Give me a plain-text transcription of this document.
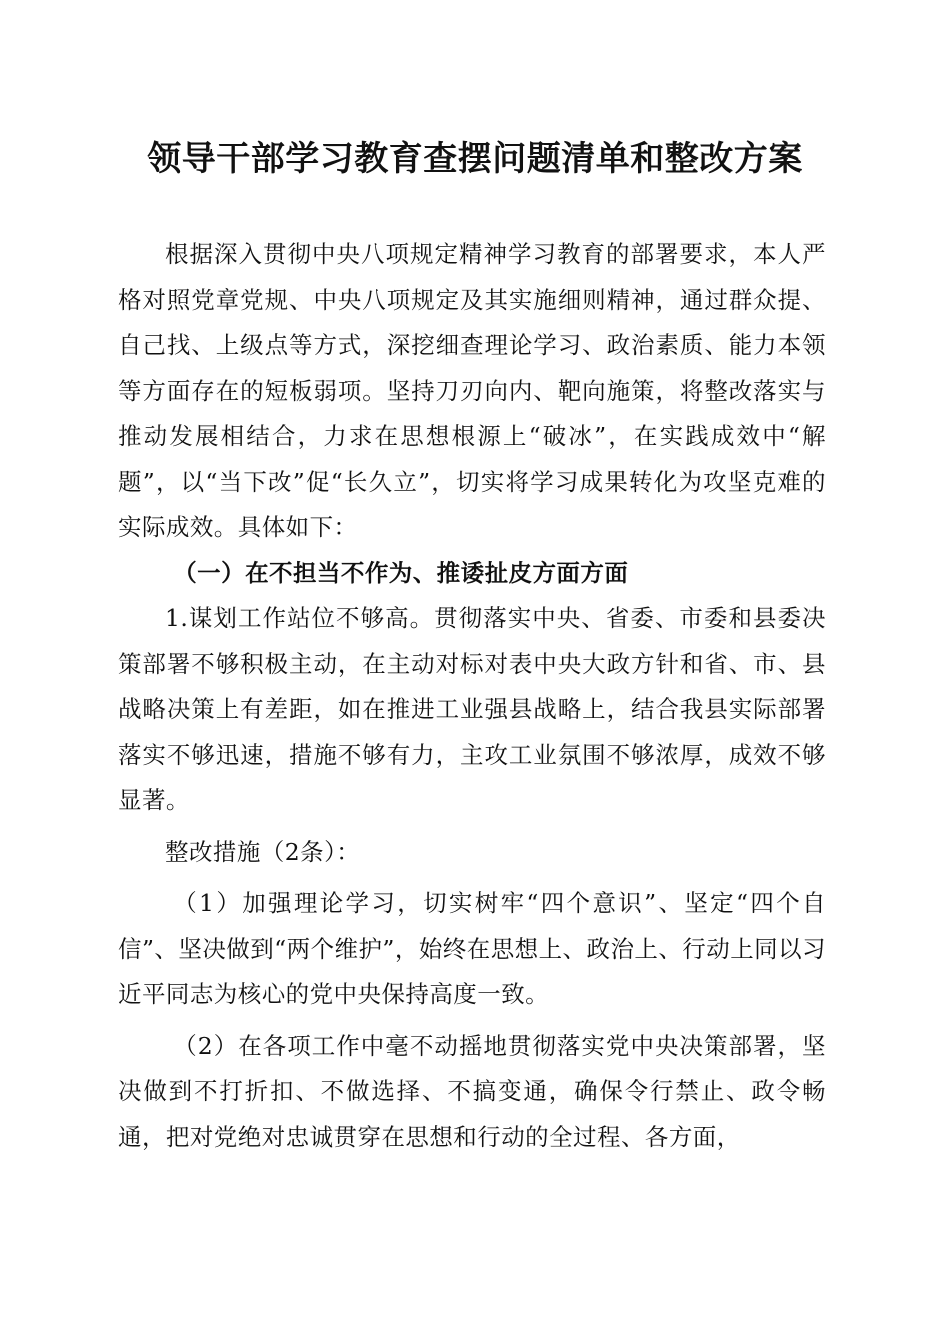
领导干部学习教育查摆问题清单和整改方案

根据深入贯彻中央八项规定精神学习教育的部署要求，本人严格对照党章党规、中央八项规定及其实施细则精神，通过群众提、自己找、上级点等方式，深挖细查理论学习、政治素质、能力本领等方面存在的短板弱项。坚持刀刃向内、靶向施策，将整改落实与推动发展相结合，力求在思想根源上“破冰”，在实践成效中“解题”，以“当下改”促“长久立”，切实将学习成果转化为攻坚克难的实际成效。具体如下：

（一）在不担当不作为、推诿扯皮方面方面

1.谋划工作站位不够高。贯彻落实中央、省委、市委和县委决策部署不够积极主动，在主动对标对表中央大政方针和省、市、县战略决策上有差距，如在推进工业强县战略上，结合我县实际部署落实不够迅速，措施不够有力，主攻工业氛围不够浓厚，成效不够显著。

整改措施（2条）：

（1）加强理论学习，切实树牢“四个意识”、坚定“四个自信”、坚决做到“两个维护”，始终在思想上、政治上、行动上同以习近平同志为核心的党中央保持高度一致。

（2）在各项工作中毫不动摇地贯彻落实党中央决策部署，坚决做到不打折扣、不做选择、不搞变通，确保令行禁止、政令畅通，把对党绝对忠诚贯穿在思想和行动的全过程、各方面，
